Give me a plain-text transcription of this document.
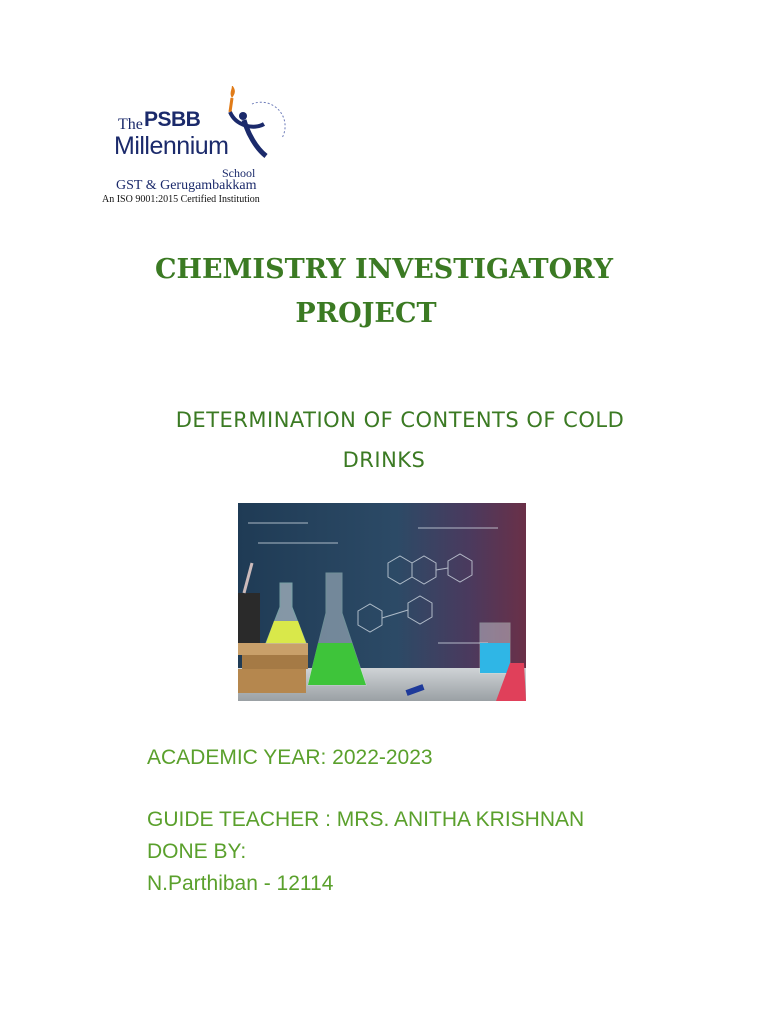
The PSBB
Millennium
School
GST & Gerugambakkam
An ISO 9001:2015 Certified Institution
CHEMISTRY INVESTIGATORY
PROJECT
DETERMINATION OF CONTENTS OF COLD
DRINKS
ACADEMIC YEAR: 2022-2023
GUIDE TEACHER : MRS. ANITHA KRISHNAN
DONE BY:
N.Parthiban - 12114
